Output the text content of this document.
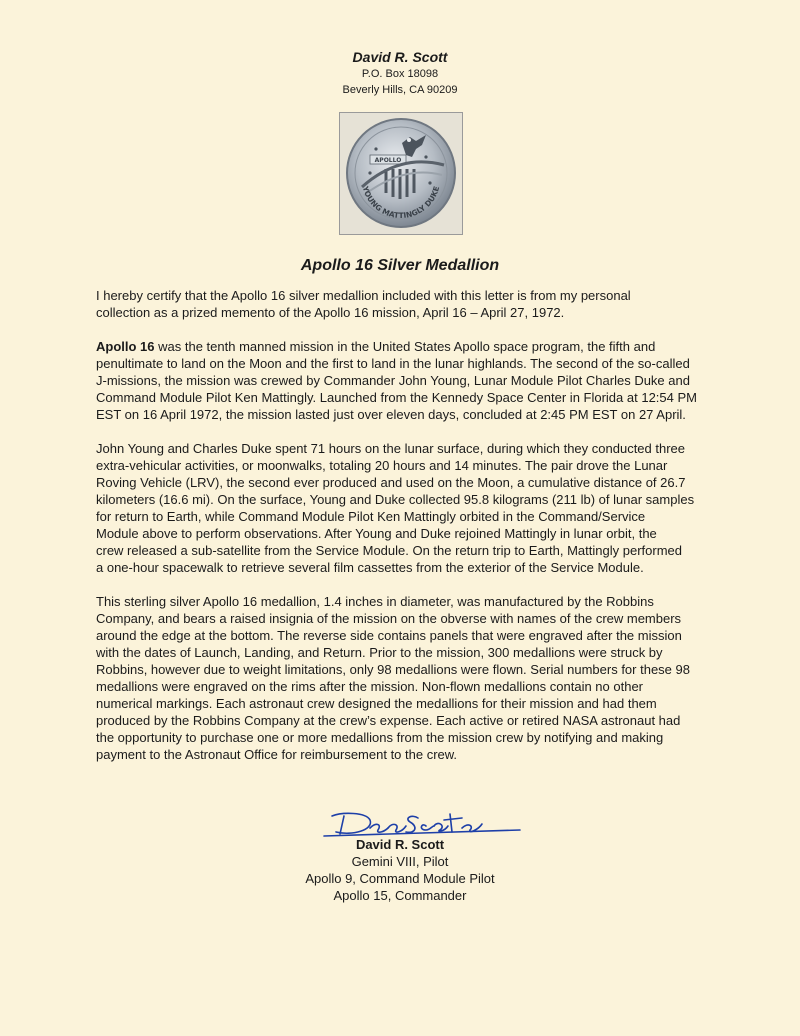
David R. Scott
P.O. Box 18098
Beverly Hills, CA 90209
APOLLO
YOUNG MATTINGLY DUKE
Apollo 16 Silver Medallion

I hereby certify that the Apollo 16 silver medallion included with this letter is from my personal
collection as a prized memento of the Apollo 16 mission, April 16 – April 27, 1972.

Apollo 16 was the tenth manned mission in the United States Apollo space program, the fifth and
penultimate to land on the Moon and the first to land in the lunar highlands. The second of the so-called
J-missions, the mission was crewed by Commander John Young, Lunar Module Pilot Charles Duke and
Command Module Pilot Ken Mattingly. Launched from the Kennedy Space Center in Florida at 12:54 PM
EST on 16 April 1972, the mission lasted just over eleven days, concluded at 2:45 PM EST on 27 April.

John Young and Charles Duke spent 71 hours on the lunar surface, during which they conducted three
extra-vehicular activities, or moonwalks, totaling 20 hours and 14 minutes. The pair drove the Lunar
Roving Vehicle (LRV), the second ever produced and used on the Moon, a cumulative distance of 26.7
kilometers (16.6 mi). On the surface, Young and Duke collected 95.8 kilograms (211 lb) of lunar samples
for return to Earth, while Command Module Pilot Ken Mattingly orbited in the Command/Service
Module above to perform observations. After Young and Duke rejoined Mattingly in lunar orbit, the
crew released a sub-satellite from the Service Module. On the return trip to Earth, Mattingly performed
a one-hour spacewalk to retrieve several film cassettes from the exterior of the Service Module.

This sterling silver Apollo 16 medallion, 1.4 inches in diameter, was manufactured by the Robbins
Company, and bears a raised insignia of the mission on the obverse with names of the crew members
around the edge at the bottom. The reverse side contains panels that were engraved after the mission
with the dates of Launch, Landing, and Return. Prior to the mission, 300 medallions were struck by
Robbins, however due to weight limitations, only 98 medallions were flown. Serial numbers for these 98
medallions were engraved on the rims after the mission. Non-flown medallions contain no other
numerical markings. Each astronaut crew designed the medallions for their mission and had them
produced by the Robbins Company at the crew’s expense. Each active or retired NASA astronaut had
the opportunity to purchase one or more medallions from the mission crew by notifying and making
payment to the Astronaut Office for reimbursement to the crew.

David R. Scott
Gemini VIII, Pilot
Apollo 9, Command Module Pilot
Apollo 15, Commander
